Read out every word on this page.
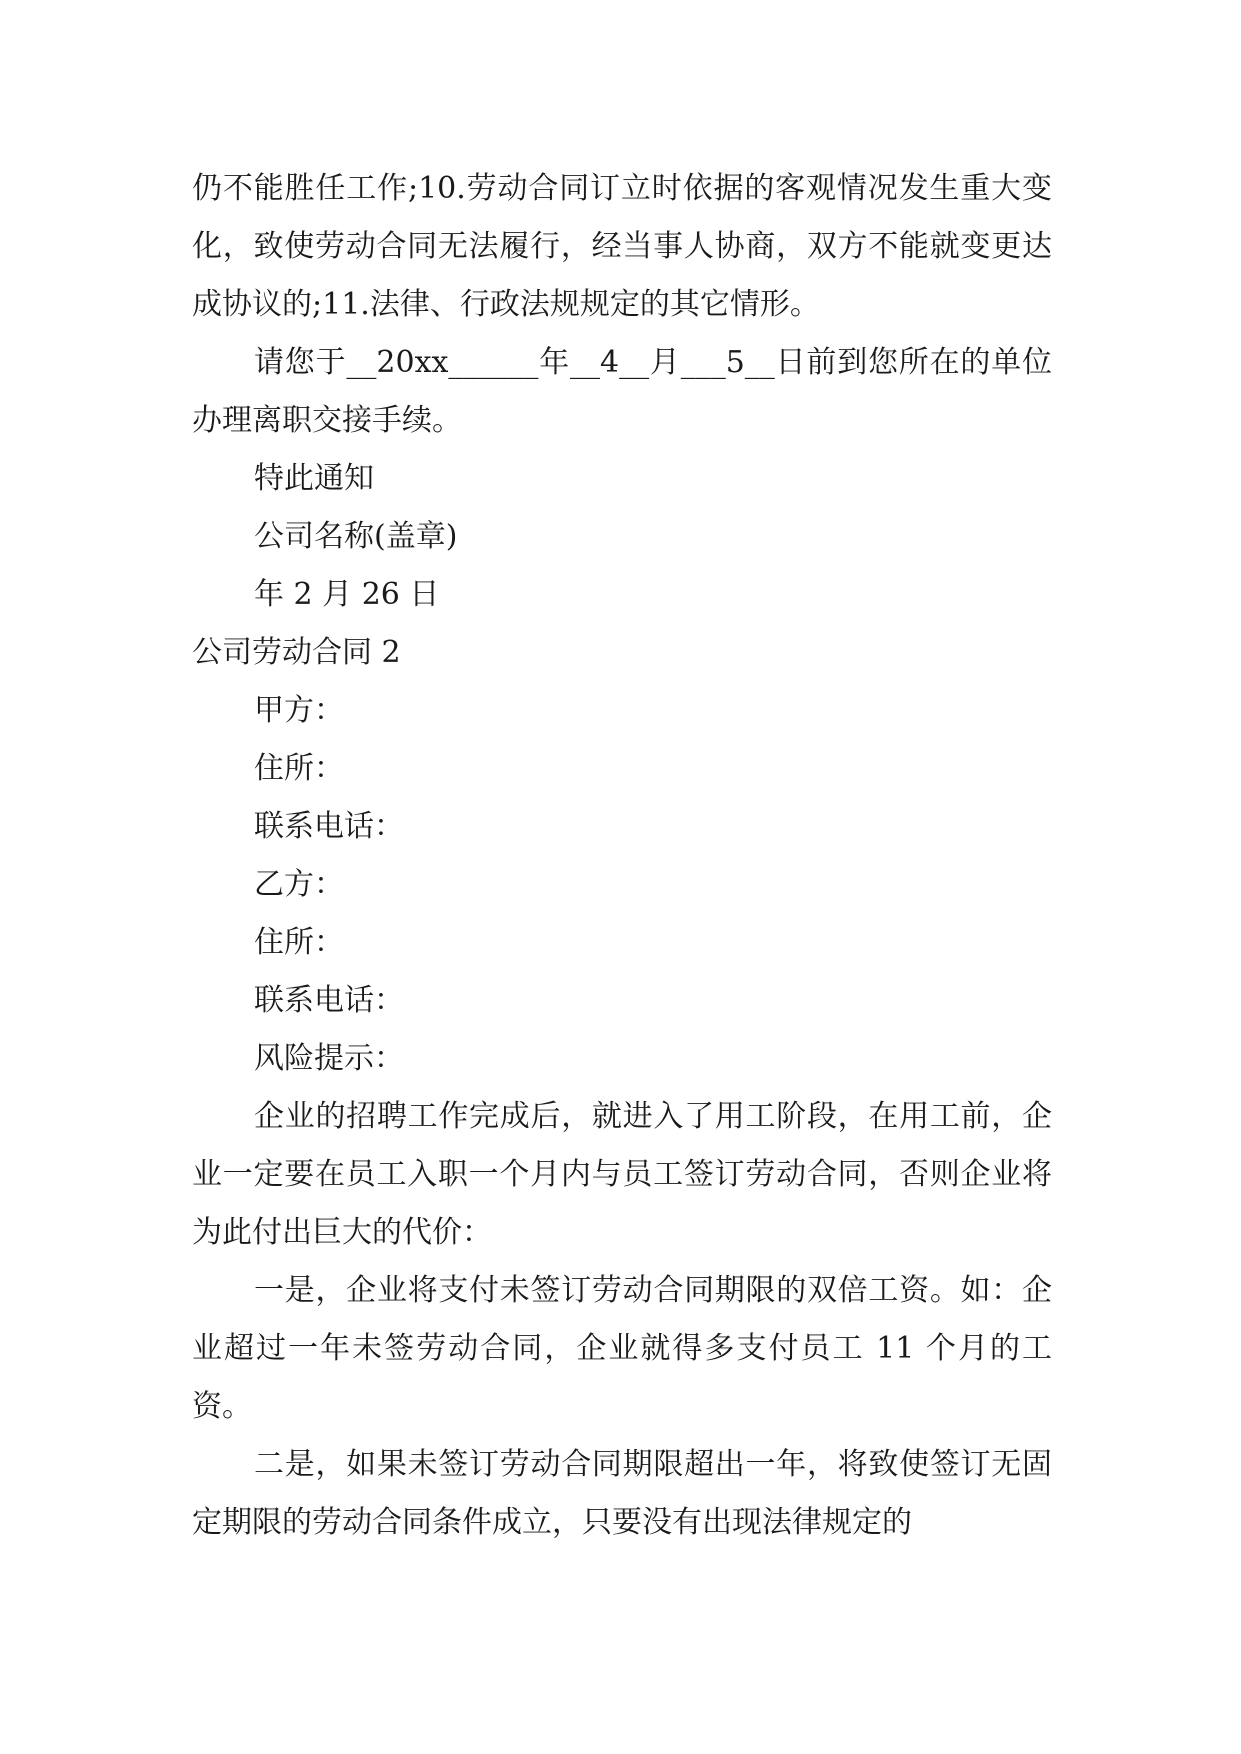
仍不能胜任工作;10.劳动合同订立时依据的客观情况发生重大变化，致使劳动合同无法履行，经当事人协商，双方不能就变更达成协议的;11.法律、行政法规规定的其它情形。

请您于__20xx______年__4__月___5__日前到您所在的单位办理离职交接手续。

特此通知

公司名称(盖章)

年 2 月 26 日

公司劳动合同 2

甲方：

住所：

联系电话：

乙方：

住所：

联系电话：

风险提示：

企业的招聘工作完成后，就进入了用工阶段，在用工前，企业一定要在员工入职一个月内与员工签订劳动合同，否则企业将为此付出巨大的代价：

一是，企业将支付未签订劳动合同期限的双倍工资。如：企业超过一年未签劳动合同，企业就得多支付员工 11 个月的工资。

二是，如果未签订劳动合同期限超出一年，将致使签订无固定期限的劳动合同条件成立，只要没有出现法律规定的
